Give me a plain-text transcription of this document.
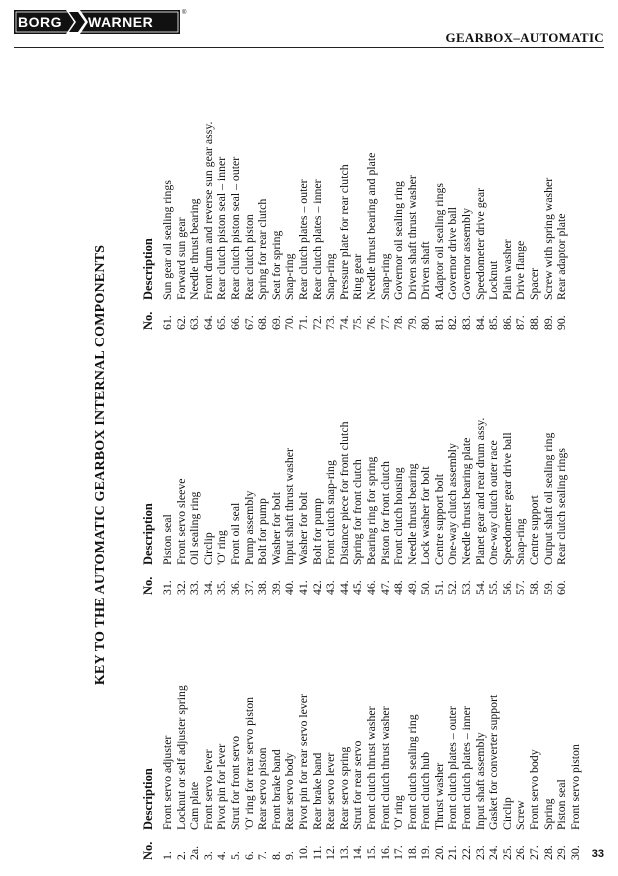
BORG WARNER
®
GEARBOX–AUTOMATIC
KEY TO THE AUTOMATIC GEARBOX INTERNAL COMPONENTS
No.
Description
1.
Front servo adjuster
2.
Locknut or self adjuster spring
2a.
Cam plate
3.
Front servo lever
4.
Pivot pin for lever
5.
Strut for front servo
6.
'O' ring for rear servo piston
7.
Rear servo piston
8.
Front brake band
9.
Rear servo body
10.
Pivot pin for rear servo lever
11.
Rear brake band
12.
Rear servo lever
13.
Rear servo spring
14.
Strut for rear servo
15.
Front clutch thrust washer
16.
Front clutch thrust washer
17.
'O' ring
18.
Front clutch sealing ring
19.
Front clutch hub
20.
Thrust washer
21.
Front clutch plates – outer
22.
Front clutch plates – inner
23.
Input shaft assembly
24.
Gasket for converter support
25.
Circlip
26.
Screw
27.
Front servo body
28.
Spring
29.
Piston seal
30.
Front servo piston
No.
Description
31.
Piston seal
32.
Front servo sleeve
33.
Oil sealing ring
34.
Circlip
35.
'O' ring
36.
Front oil seal
37.
Pump assembly
38.
Bolt for pump
39.
Washer for bolt
40.
Input shaft thrust washer
41.
Washer for bolt
42.
Bolt for pump
43.
Front clutch snap-ring
44.
Distance piece for front clutch
45.
Spring for front clutch
46.
Bearing ring for spring
47.
Piston for front clutch
48.
Front clutch housing
49.
Needle thrust bearing
50.
Lock washer for bolt
51.
Centre support bolt
52.
One-way clutch assembly
53.
Needle thrust bearing plate
54.
Planet gear and rear drum assy.
55.
One-way clutch outer race
56.
Speedometer gear drive ball
57.
Snap-ring
58.
Centre support
59.
Output shaft oil sealing ring
60.
Rear clutch sealing rings
No.
Description
61.
Sun gear oil sealing rings
62.
Forward sun gear
63.
Needle thrust bearing
64.
Front drum and reverse sun gear assy.
65.
Rear clutch piston seal – inner
66.
Rear clutch piston seal – outer
67.
Rear clutch piston
68.
Spring for rear clutch
69.
Seat for spring
70.
Snap-ring
71.
Rear clutch plates – outer
72.
Rear clutch plates – inner
73.
Snap-ring
74.
Pressure plate for rear clutch
75.
Ring gear
76.
Needle thrust bearing and plate
77.
Snap-ring
78.
Governor oil sealing ring
79.
Driven shaft thrust washer
80.
Driven shaft
81.
Adaptor oil sealing rings
82.
Governor drive ball
83.
Governor assembly
84.
Speedometer drive gear
85.
Locknut
86.
Plain washer
87.
Drive flange
88.
Spacer
89.
Screw with spring washer
90.
Rear adaptor plate
33
